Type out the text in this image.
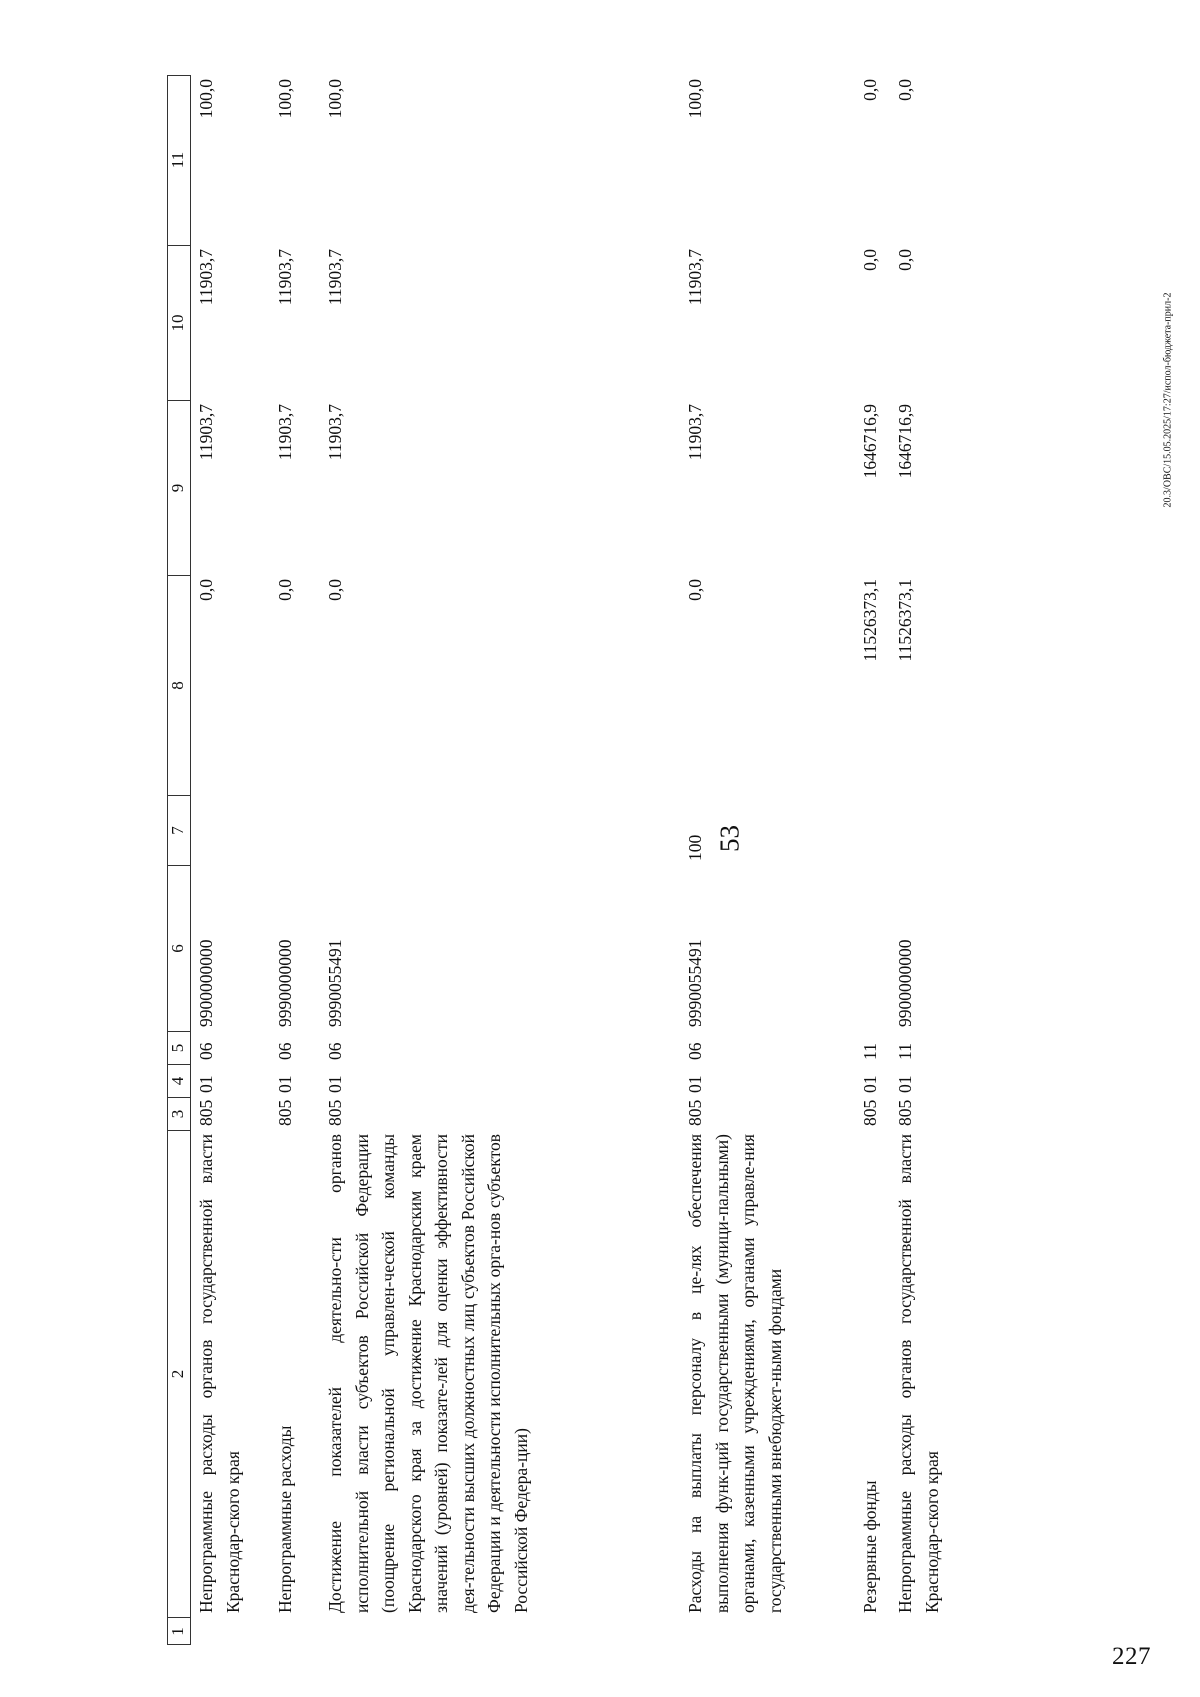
53
20.3/ОВС/15.05.2025/17:27/испол-бюджета-прил-2
227
1
2
3
4
5
6
7
8
9
10
11
Непрограммные расходы органов государственной власти Краснодар-ского края
805
01
06
9900000000
0,0
11903,7
11903,7
100,0
Непрограммные расходы
805
01
06
9990000000
0,0
11903,7
11903,7
100,0
Достижение показателей деятельно-сти органов исполнительной власти субъектов Российской Федерации (поощрение региональной управлен-ческой команды Краснодарского края за достижение Краснодарским краем значений (уровней) показате-лей для оценки эффективности дея-тельности высших должностных лиц субъектов Российской Федерации и деятельности исполнительных орга-нов субъектов Российской Федера-ции)
805
01
06
9990055491
0,0
11903,7
11903,7
100,0
Расходы на выплаты персоналу в це-лях обеспечения выполнения функ-ций государственными (муници-пальными) органами, казенными учреждениями, органами управле-ния государственными внебюджет-ными фондами
805
01
06
9990055491
100
0,0
11903,7
11903,7
100,0
Резервные фонды
805
01
11
11526373,1
1646716,9
0,0
0,0
Непрограммные расходы органов государственной власти Краснодар-ского края
805
01
11
9900000000
11526373,1
1646716,9
0,0
0,0
